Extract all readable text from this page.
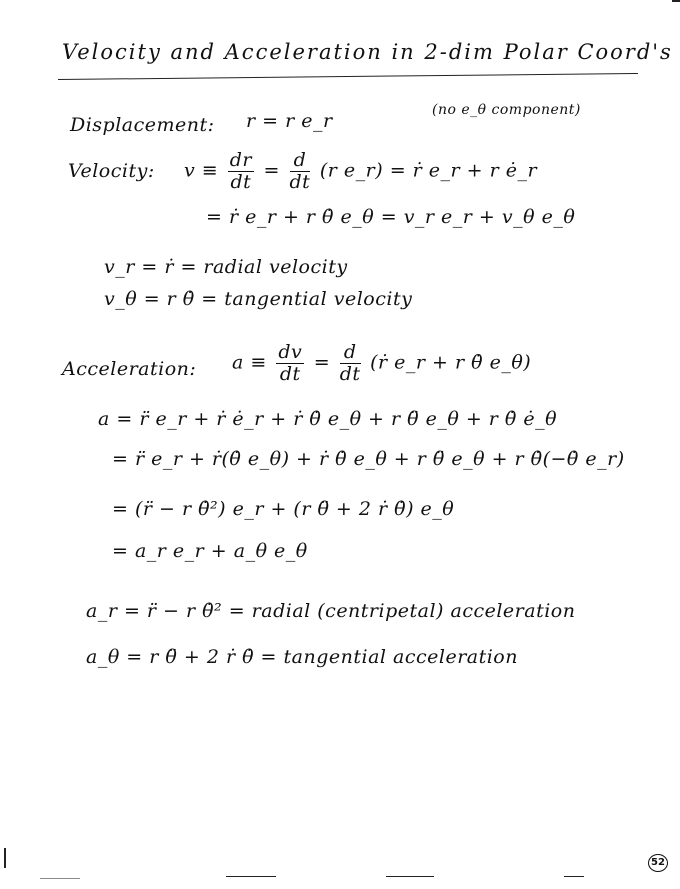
Velocity and Acceleration in 2-dim Polar Coord's
Displacement: r = r e_r	(no e_θ component)
Velocity: $v \equiv \frac{dr}{dt} = \frac{d}{dt} (r$ e_r) = ṙ e_r + r ė_r
= ṙ e_r + r θ̇ e_θ = v_r e_r + v_θ e_θ
v_r = ṙ = radial velocity
v_θ = r θ̇ = tangential velocity
Acceleration: $a \equiv \frac{dv}{dt} = \frac{d}{dt}$ (ṙ e_r + r θ̇ e_θ)
a = r̈ e_r + ṙ ė_r + ṙ θ̇ e_θ + r θ̈ e_θ + r θ̇ ė_θ
= r̈ e_r + ṙ(θ̇ e_θ) + ṙ θ̇ e_θ + r θ̈ e_θ + r θ̇(−θ̇ e_r)
= (r̈ − r θ̇²) e_r + (r θ̈ + 2 ṙ θ̇) e_θ
= a_r e_r + a_θ e_θ
a_r = r̈ − r θ̇² = radial (centripetal) acceleration
a_θ = r θ̈ + 2 ṙ θ̇ = tangential acceleration
52
